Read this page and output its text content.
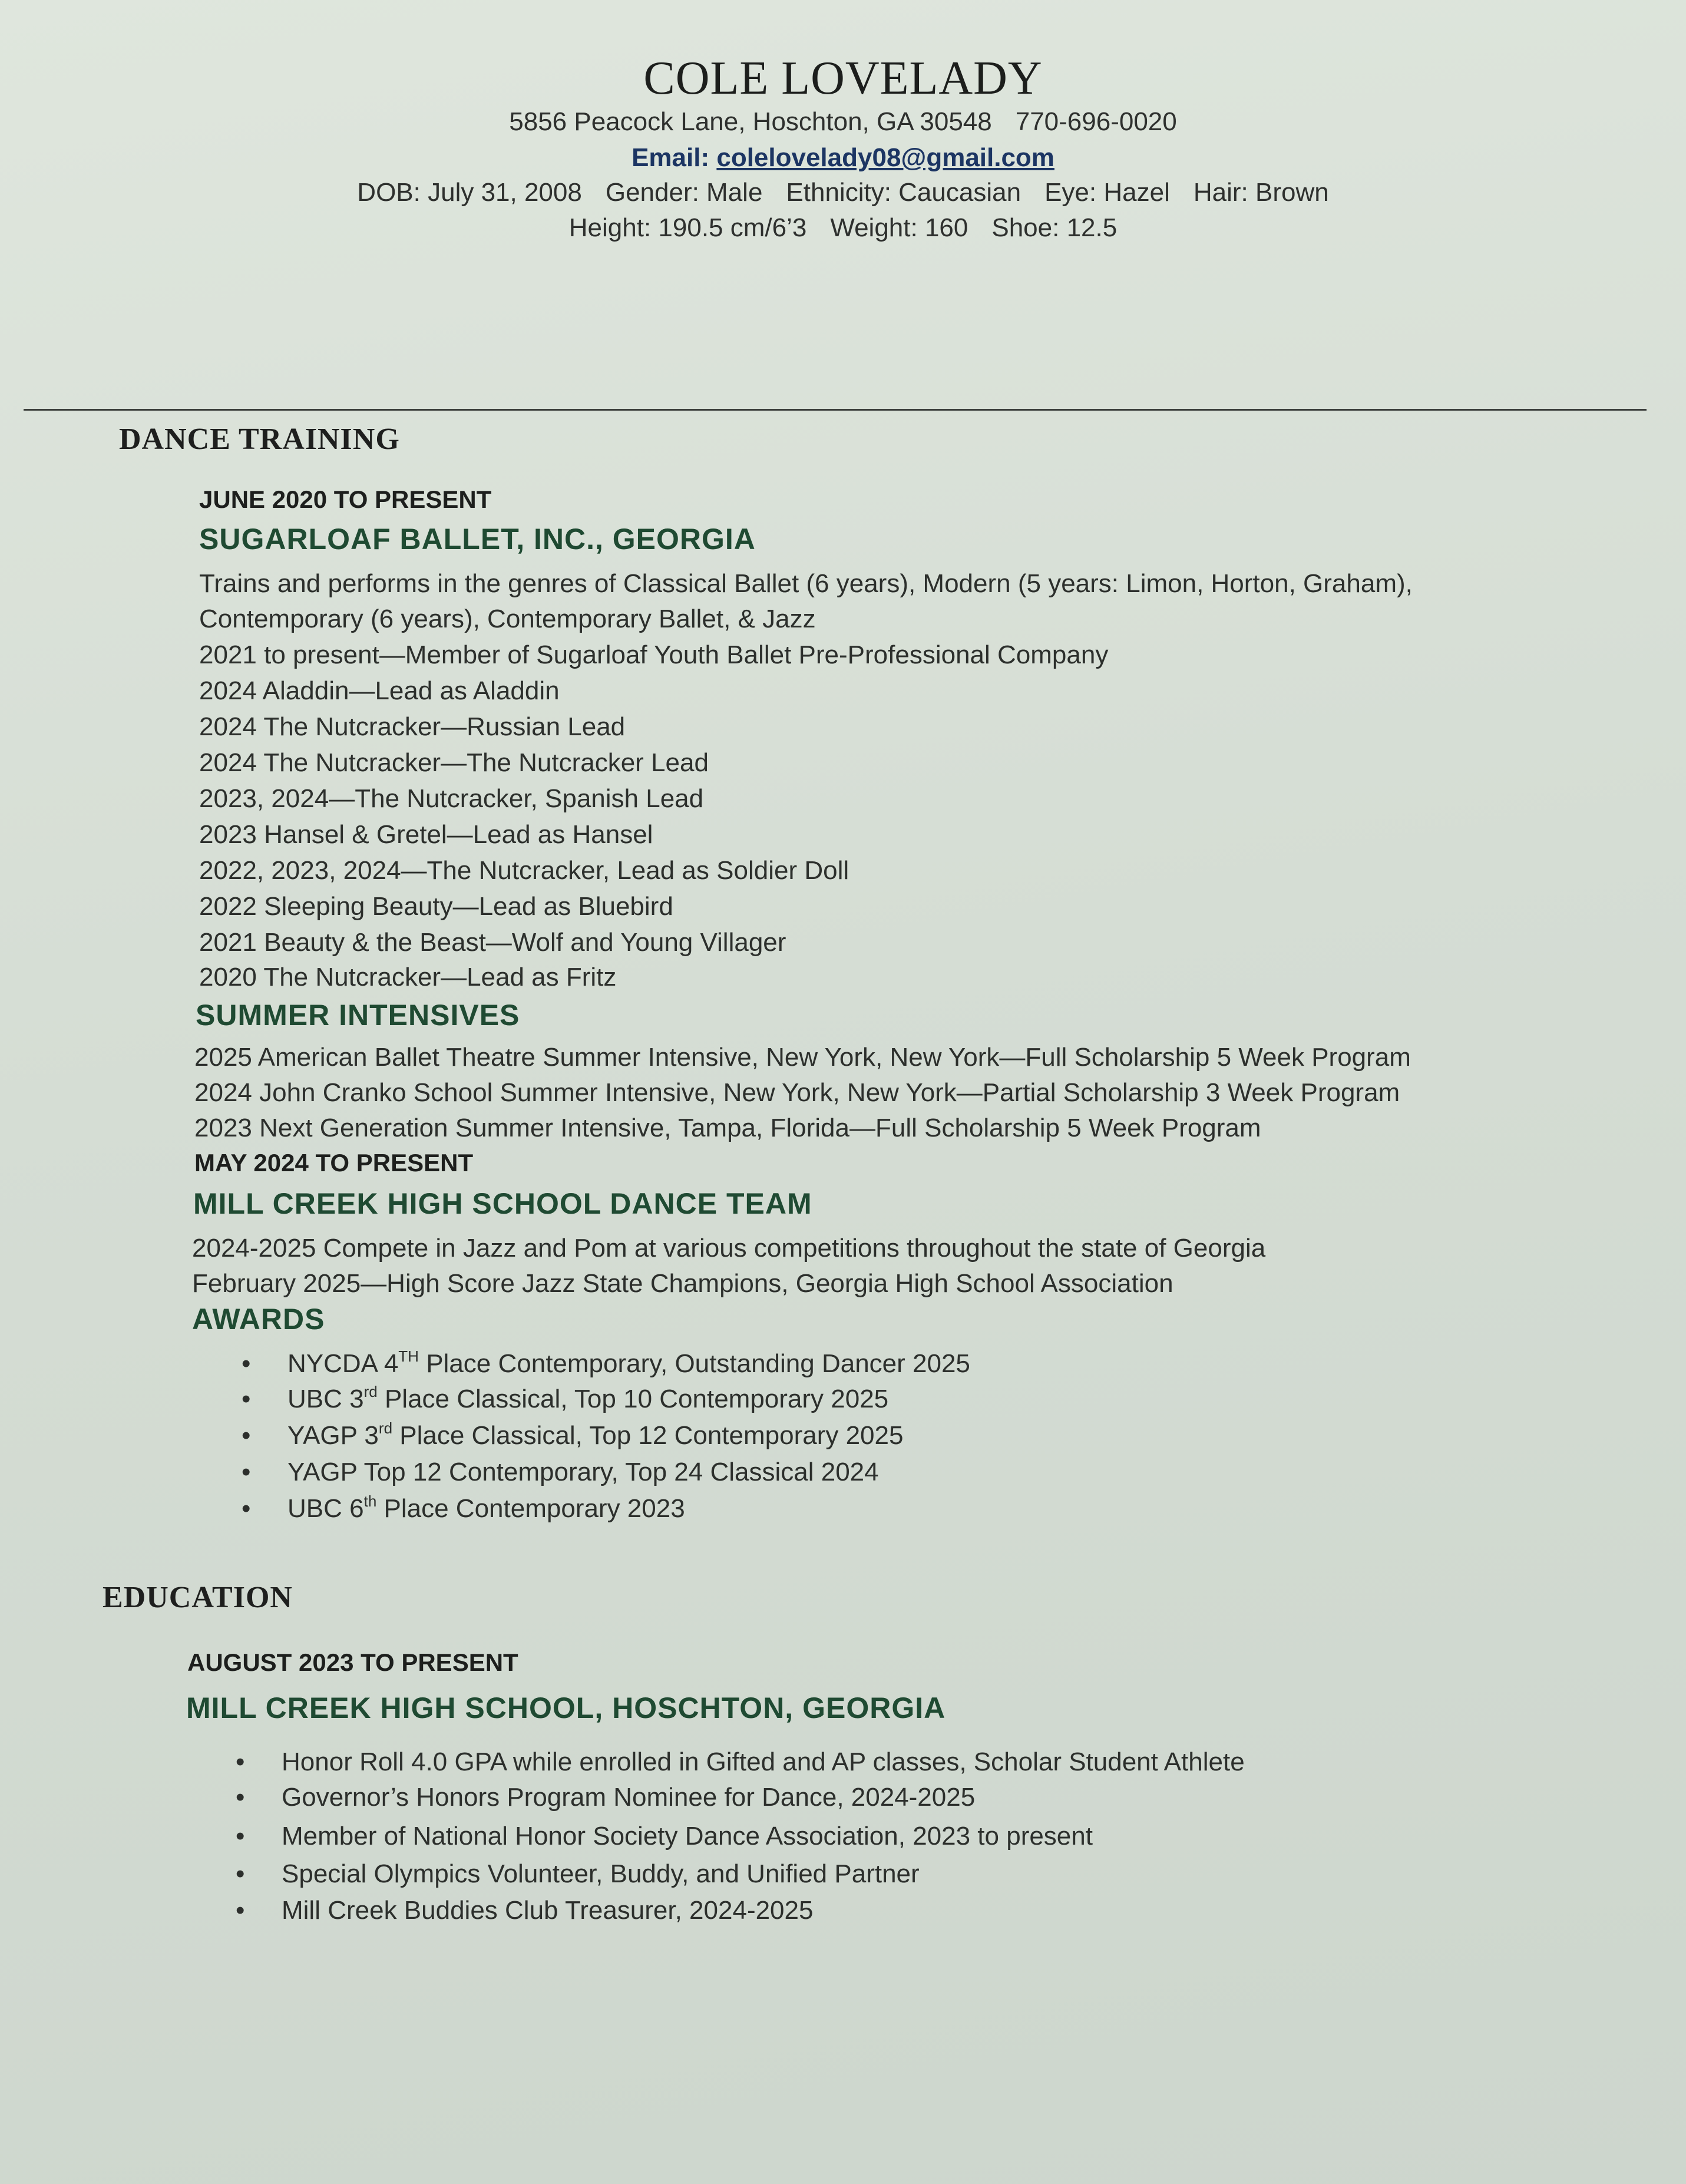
COLE LOVELADY
5856 Peacock Lane, Hoschton, GA 30548 770-696-0020
Email: colelovelady08@gmail.com
DOB: July 31, 2008 Gender: Male Ethnicity: Caucasian Eye: Hazel Hair: Brown
Height: 190.5 cm/6’3 Weight: 160 Shoe: 12.5
DANCE TRAINING
JUNE 2020 TO PRESENT
SUGARLOAF BALLET, INC., GEORGIA
Trains and performs in the genres of Classical Ballet (6 years), Modern (5 years: Limon, Horton, Graham),
Contemporary (6 years), Contemporary Ballet, & Jazz
2021 to present—Member of Sugarloaf Youth Ballet Pre-Professional Company
2024 Aladdin—Lead as Aladdin
2024 The Nutcracker—Russian Lead
2024 The Nutcracker—The Nutcracker Lead
2023, 2024—The Nutcracker, Spanish Lead
2023 Hansel & Gretel—Lead as Hansel
2022, 2023, 2024—The Nutcracker, Lead as Soldier Doll
2022 Sleeping Beauty—Lead as Bluebird
2021 Beauty & the Beast—Wolf and Young Villager
2020 The Nutcracker—Lead as Fritz
SUMMER INTENSIVES
2025 American Ballet Theatre Summer Intensive, New York, New York—Full Scholarship 5 Week Program
2024 John Cranko School Summer Intensive, New York, New York—Partial Scholarship 3 Week Program
2023 Next Generation Summer Intensive, Tampa, Florida—Full Scholarship 5 Week Program
MAY 2024 TO PRESENT
MILL CREEK HIGH SCHOOL DANCE TEAM
2024-2025 Compete in Jazz and Pom at various competitions throughout the state of Georgia
February 2025—High Score Jazz State Champions, Georgia High School Association
AWARDS
• NYCDA 4TH Place Contemporary, Outstanding Dancer 2025
• UBC 3rd Place Classical, Top 10 Contemporary 2025
• YAGP 3rd Place Classical, Top 12 Contemporary 2025
• YAGP Top 12 Contemporary, Top 24 Classical 2024
• UBC 6th Place Contemporary 2023
EDUCATION
AUGUST 2023 TO PRESENT
MILL CREEK HIGH SCHOOL, HOSCHTON, GEORGIA
• Honor Roll 4.0 GPA while enrolled in Gifted and AP classes, Scholar Student Athlete
• Governor’s Honors Program Nominee for Dance, 2024-2025
• Member of National Honor Society Dance Association, 2023 to present
• Special Olympics Volunteer, Buddy, and Unified Partner
• Mill Creek Buddies Club Treasurer, 2024-2025
